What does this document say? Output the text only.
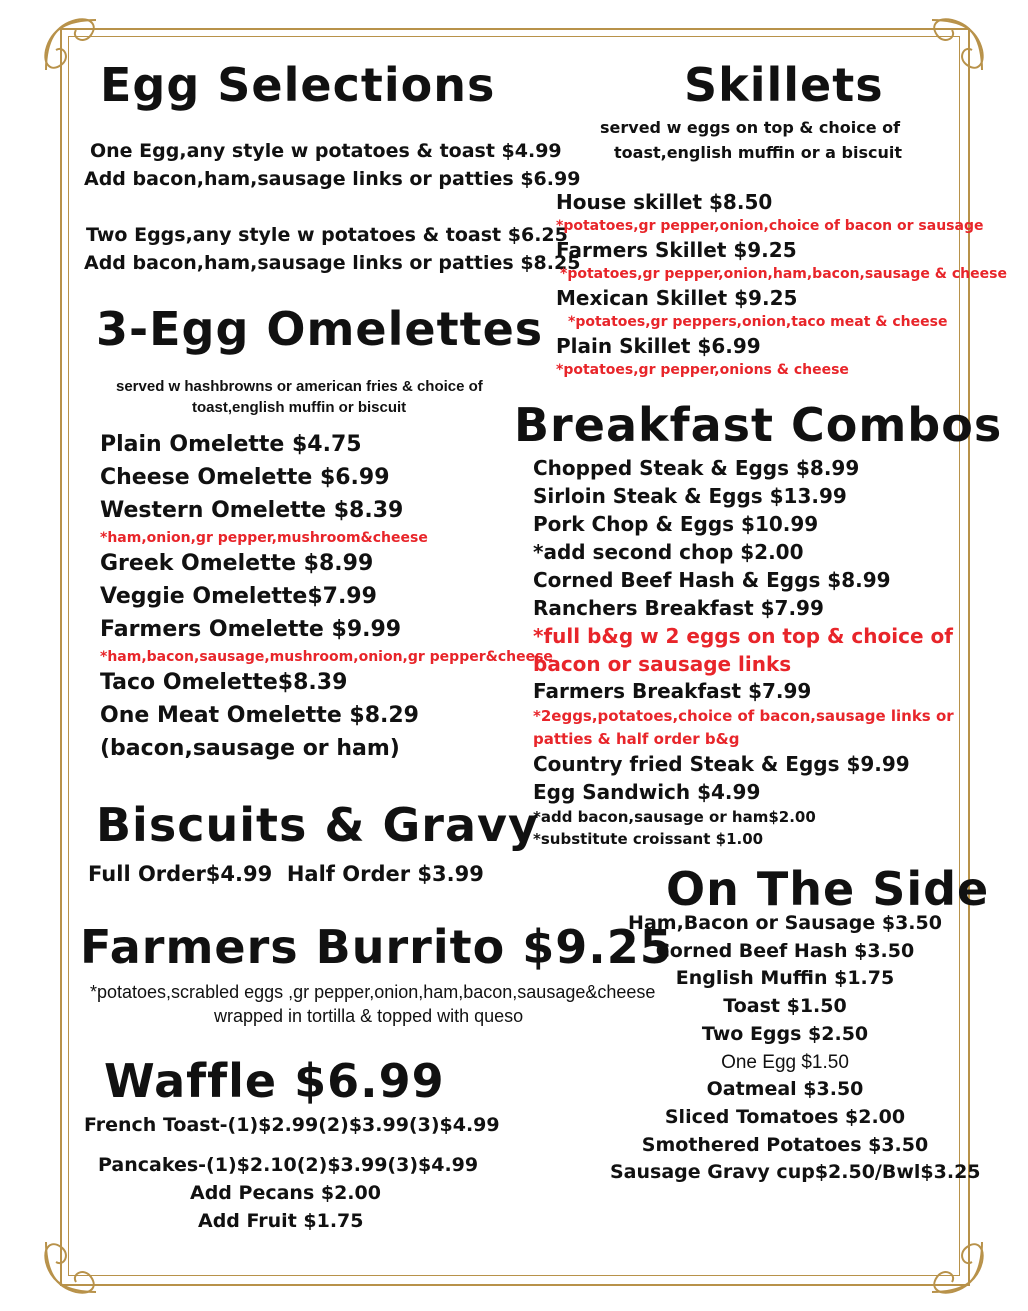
Egg Selections
One Egg,any style w potatoes & toast $4.99
Add bacon,ham,sausage links or patties $6.99
Two Eggs,any style w potatoes & toast $6.25
Add bacon,ham,sausage links or patties $8.25
Skillets
served w eggs on top & choice of
toast,english muffin or a biscuit
House skillet $8.50
*potatoes,gr pepper,onion,choice of bacon or sausage
Farmers Skillet $9.25
*potatoes,gr pepper,onion,ham,bacon,sausage & cheese
Mexican Skillet $9.25
*potatoes,gr peppers,onion,taco meat & cheese
Plain Skillet $6.99
*potatoes,gr pepper,onions & cheese
3-Egg Omelettes
served w hashbrowns or american fries & choice of
toast,english muffin or biscuit
Plain Omelette $4.75
Cheese Omelette $6.99
Western Omelette $8.39
*ham,onion,gr pepper,mushroom&cheese
Greek Omelette $8.99
Veggie Omelette$7.99
Farmers Omelette $9.99
*ham,bacon,sausage,mushroom,onion,gr pepper&cheese
Taco Omelette$8.39
One Meat Omelette $8.29
(bacon,sausage or ham)
Breakfast Combos
Chopped Steak & Eggs $8.99
Sirloin Steak & Eggs $13.99
Pork Chop & Eggs $10.99
*add second chop $2.00
Corned Beef Hash & Eggs $8.99
Ranchers Breakfast $7.99
*full b&g w 2 eggs on top & choice of
bacon or sausage links
Farmers Breakfast $7.99
*2eggs,potatoes,choice of bacon,sausage links or
patties & half order b&g
Country fried Steak & Eggs $9.99
Egg Sandwich $4.99
*add bacon,sausage or ham$2.00
*substitute croissant $1.00
Biscuits & Gravy
Full Order$4.99  Half Order $3.99
Farmers Burrito $9.25
*potatoes,scrabled eggs ,gr pepper,onion,ham,bacon,sausage&cheese
wrapped in tortilla & topped with queso
Waffle $6.99
French Toast-(1)$2.99(2)$3.99(3)$4.99
Pancakes-(1)$2.10(2)$3.99(3)$4.99
Add Pecans $2.00
Add Fruit $1.75
On The Side
Ham,Bacon or Sausage $3.50
Corned Beef Hash $3.50
English Muffin $1.75
Toast $1.50
Two Eggs $2.50
One Egg $1.50
Oatmeal $3.50
Sliced Tomatoes $2.00
Smothered Potatoes $3.50
Sausage Gravy cup$2.50/Bwl$3.25
